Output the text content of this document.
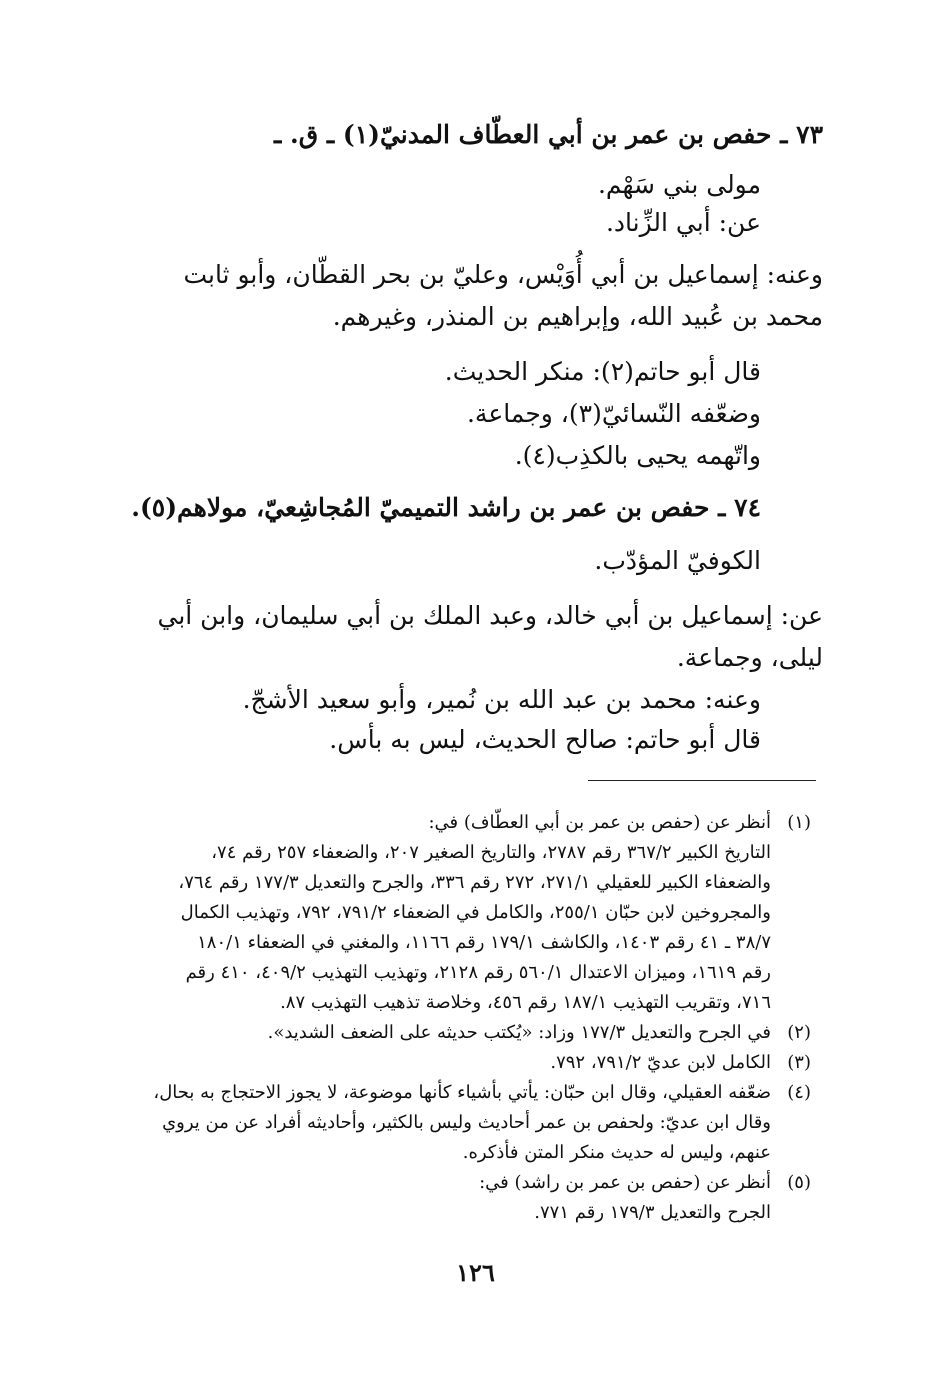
٧٣ ـ حفص بن عمر بن أبي العطّاف المدنيّ(١) ـ ق. ـ
مولى بني سَهْم.
عن: أبي الزِّناد.
وعنه: إسماعيل بن أبي أُوَيْس، وعليّ بن بحر القطّان، وأبو ثابت
محمد بن عُبيد الله، وإبراهيم بن المنذر، وغيرهم.
قال أبو حاتم(٢): منكر الحديث.
وضعّفه النّسائيّ(٣)، وجماعة.
واتّهمه يحيى بالكذِب(٤).
٧٤ ـ حفص بن عمر بن راشد التميميّ المُجاشِعيّ، مولاهم(٥).
الكوفيّ المؤدّب.
عن: إسماعيل بن أبي خالد، وعبد الملك بن أبي سليمان، وابن أبي
ليلى، وجماعة.
وعنه: محمد بن عبد الله بن نُمير، وأبو سعيد الأشجّ.
قال أبو حاتم: صالح الحديث، ليس به بأس.
(١)
أنظر عن (حفص بن عمر بن أبي العطّاف) في:
التاريخ الكبير ٣٦٧/٢ رقم ٢٧٨٧، والتاريخ الصغير ٢٠٧، والضعفاء ٢٥٧ رقم ٧٤،
والضعفاء الكبير للعقيلي ٢٧١/١، ٢٧٢ رقم ٣٣٦، والجرح والتعديل ١٧٧/٣ رقم ٧٦٤،
والمجروخين لابن حبّان ٢٥٥/١، والكامل في الضعفاء ٧٩١/٢، ٧٩٢، وتهذيب الكمال
٣٨/٧ ـ ٤١ رقم ١٤٠٣، والكاشف ١٧٩/١ رقم ١١٦٦، والمغني في الضعفاء ١٨٠/١
رقم ١٦١٩، وميزان الاعتدال ٥٦٠/١ رقم ٢١٢٨، وتهذيب التهذيب ٤٠٩/٢، ٤١٠ رقم
٧١٦، وتقريب التهذيب ١٨٧/١ رقم ٤٥٦، وخلاصة تذهيب التهذيب ٨٧.
(٢)
في الجرح والتعديل ١٧٧/٣ وزاد: «يُكتب حديثه على الضعف الشديد».
(٣)
الكامل لابن عديّ ٧٩١/٢، ٧٩٢.
(٤)
ضعّفه العقيلي، وقال ابن حبّان: يأتي بأشياء كأنها موضوعة، لا يجوز الاحتجاج به بحال،
وقال ابن عديّ: ولحفص بن عمر أحاديث وليس بالكثير، وأحاديثه أفراد عن من يروي
عنهم، وليس له حديث منكر المتن فأذكره.
(٥)
أنظر عن (حفص بن عمر بن راشد) في:
الجرح والتعديل ١٧٩/٣ رقم ٧٧١.
١٢٦
